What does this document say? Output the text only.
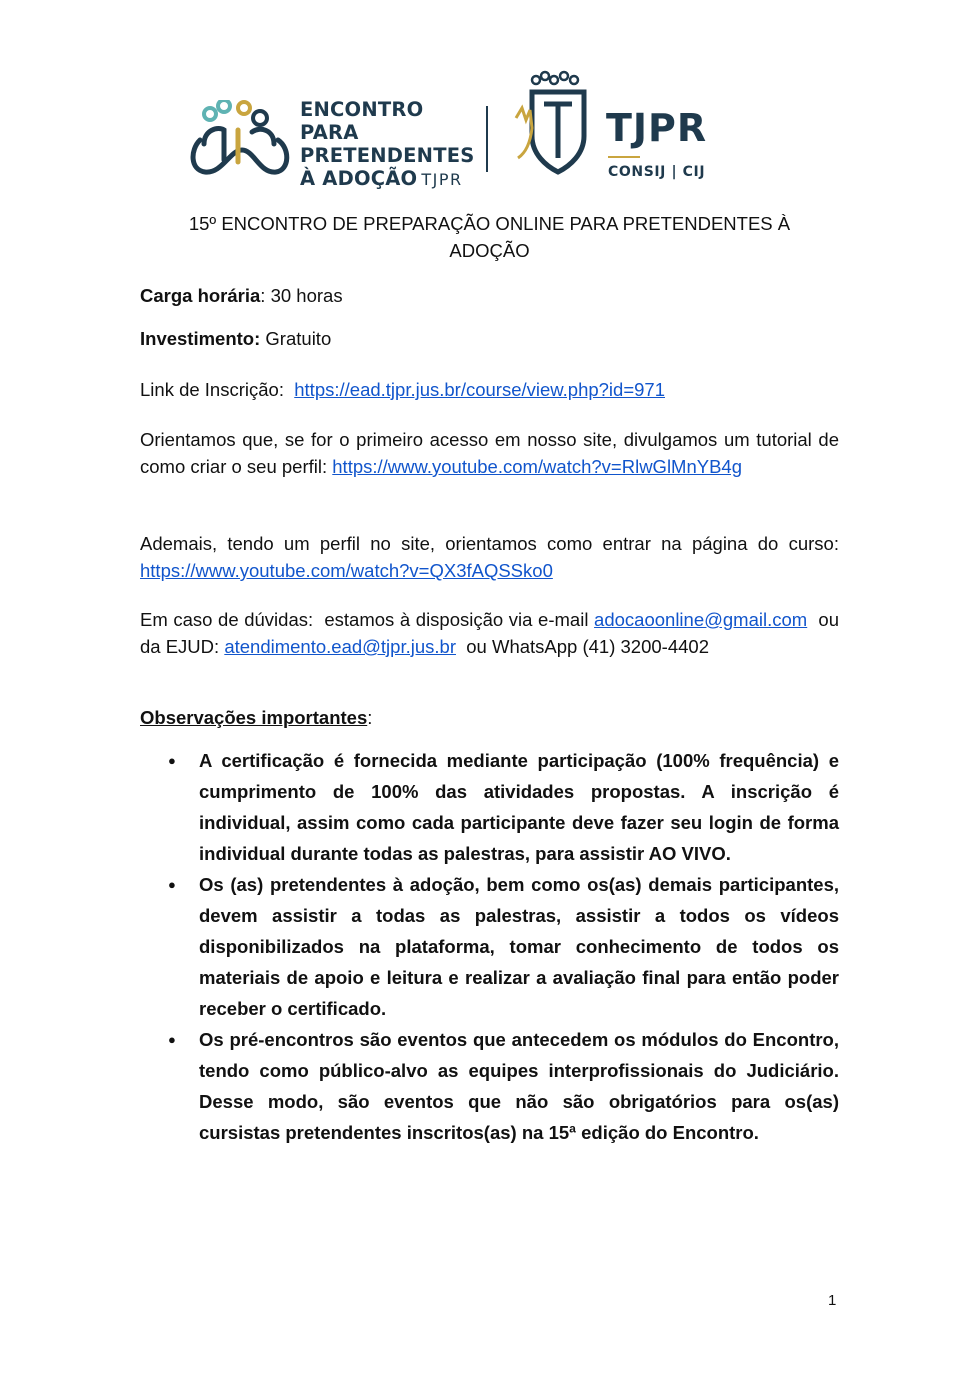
ENCONTRO PARA
PRETENDENTES
À ADOÇÃO TJPR
TJPR
CONSIJ | CIJ

15º ENCONTRO DE PREPARAÇÃO ONLINE PARA PRETENDENTES À
ADOÇÃO

Carga horária: 30 horas

Investimento: Gratuito

Link de Inscrição:  https://ead.tjpr.jus.br/course/view.php?id=971

Orientamos que, se for o primeiro acesso em nosso site, divulgamos um tutorial de como criar o seu perfil: https://www.youtube.com/watch?v=RlwGlMnYB4g

Ademais, tendo um perfil no site, orientamos como entrar na página do curso: https://www.youtube.com/watch?v=QX3fAQSSko0

Em caso de dúvidas:  estamos à disposição via e-mail adocaoonline@gmail.com  ou da EJUD: atendimento.ead@tjpr.jus.br  ou WhatsApp (41) 3200-4402

Observações importantes:

● A certificação é fornecida mediante participação (100% frequência) e cumprimento de 100% das atividades propostas. A inscrição é individual, assim como cada participante deve fazer seu login de forma individual durante todas as palestras, para assistir AO VIVO.
● Os (as) pretendentes à adoção, bem como os(as) demais participantes, devem assistir a todas as palestras, assistir a todos os vídeos disponibilizados na plataforma, tomar conhecimento de todos os materiais de apoio e leitura e realizar a avaliação final para então poder receber o certificado.
● Os pré-encontros são eventos que antecedem os módulos do Encontro, tendo como público-alvo as equipes interprofissionais do Judiciário. Desse modo, são eventos que não são obrigatórios para os(as) cursistas pretendentes inscritos(as) na 15ª edição do Encontro.
1
